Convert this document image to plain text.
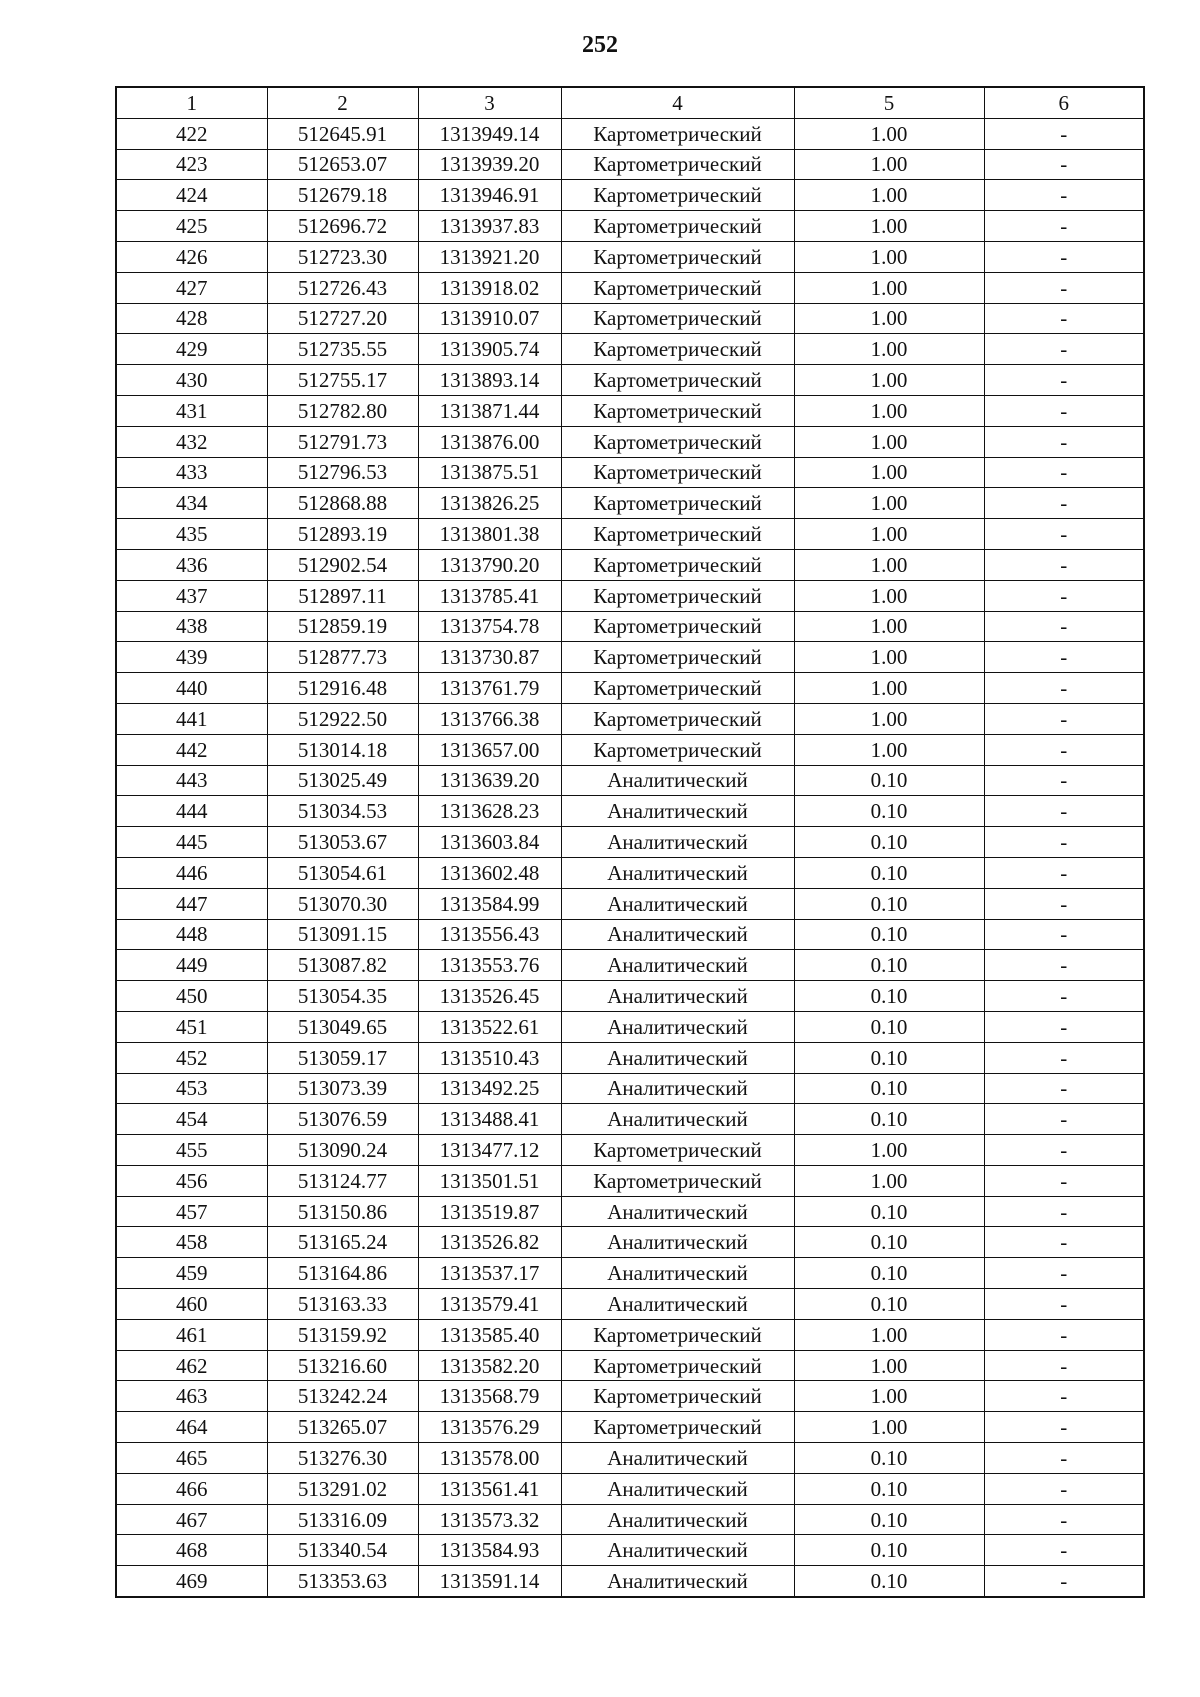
252
1	2	3	4	5	6
422	512645.91	1313949.14	Картометрический	1.00	-
423	512653.07	1313939.20	Картометрический	1.00	-
424	512679.18	1313946.91	Картометрический	1.00	-
425	512696.72	1313937.83	Картометрический	1.00	-
426	512723.30	1313921.20	Картометрический	1.00	-
427	512726.43	1313918.02	Картометрический	1.00	-
428	512727.20	1313910.07	Картометрический	1.00	-
429	512735.55	1313905.74	Картометрический	1.00	-
430	512755.17	1313893.14	Картометрический	1.00	-
431	512782.80	1313871.44	Картометрический	1.00	-
432	512791.73	1313876.00	Картометрический	1.00	-
433	512796.53	1313875.51	Картометрический	1.00	-
434	512868.88	1313826.25	Картометрический	1.00	-
435	512893.19	1313801.38	Картометрический	1.00	-
436	512902.54	1313790.20	Картометрический	1.00	-
437	512897.11	1313785.41	Картометрический	1.00	-
438	512859.19	1313754.78	Картометрический	1.00	-
439	512877.73	1313730.87	Картометрический	1.00	-
440	512916.48	1313761.79	Картометрический	1.00	-
441	512922.50	1313766.38	Картометрический	1.00	-
442	513014.18	1313657.00	Картометрический	1.00	-
443	513025.49	1313639.20	Аналитический	0.10	-
444	513034.53	1313628.23	Аналитический	0.10	-
445	513053.67	1313603.84	Аналитический	0.10	-
446	513054.61	1313602.48	Аналитический	0.10	-
447	513070.30	1313584.99	Аналитический	0.10	-
448	513091.15	1313556.43	Аналитический	0.10	-
449	513087.82	1313553.76	Аналитический	0.10	-
450	513054.35	1313526.45	Аналитический	0.10	-
451	513049.65	1313522.61	Аналитический	0.10	-
452	513059.17	1313510.43	Аналитический	0.10	-
453	513073.39	1313492.25	Аналитический	0.10	-
454	513076.59	1313488.41	Аналитический	0.10	-
455	513090.24	1313477.12	Картометрический	1.00	-
456	513124.77	1313501.51	Картометрический	1.00	-
457	513150.86	1313519.87	Аналитический	0.10	-
458	513165.24	1313526.82	Аналитический	0.10	-
459	513164.86	1313537.17	Аналитический	0.10	-
460	513163.33	1313579.41	Аналитический	0.10	-
461	513159.92	1313585.40	Картометрический	1.00	-
462	513216.60	1313582.20	Картометрический	1.00	-
463	513242.24	1313568.79	Картометрический	1.00	-
464	513265.07	1313576.29	Картометрический	1.00	-
465	513276.30	1313578.00	Аналитический	0.10	-
466	513291.02	1313561.41	Аналитический	0.10	-
467	513316.09	1313573.32	Аналитический	0.10	-
468	513340.54	1313584.93	Аналитический	0.10	-
469	513353.63	1313591.14	Аналитический	0.10	-
